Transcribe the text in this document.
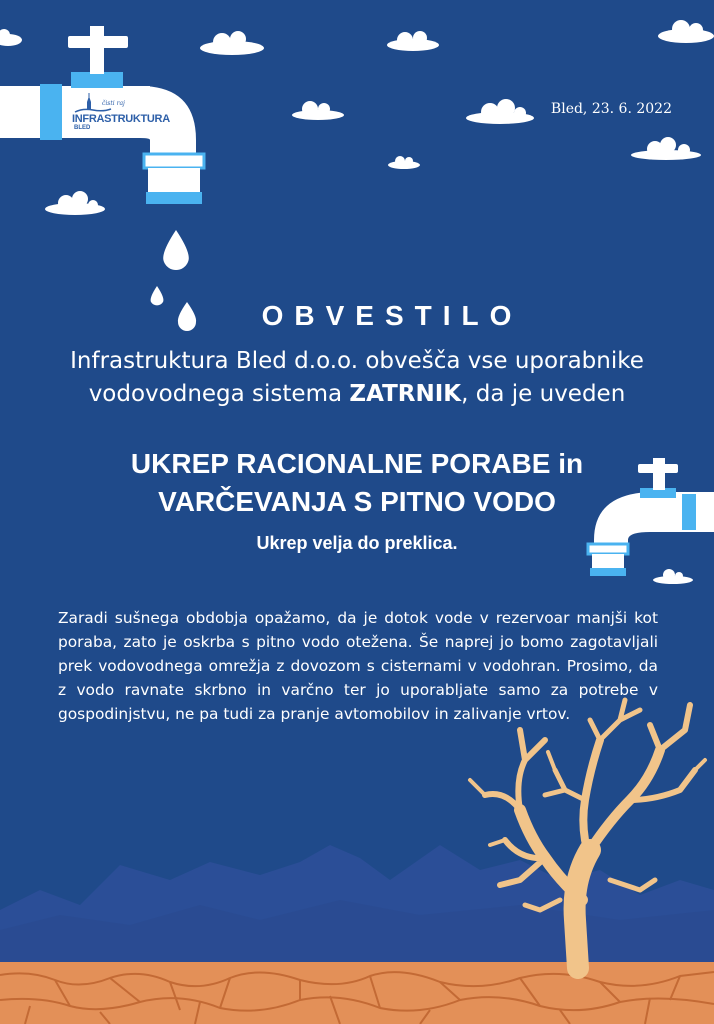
čisti raj
INFRASTRUKTURA
BLED
Bled, 23. 6. 2022
OBVESTILO
Infrastruktura Bled d.o.o. obvešča vse uporabnike
vodovodnega sistema ZATRNIK, da je uveden
UKREP RACIONALNE PORABE in
VARČEVANJA S PITNO VODO
Ukrep velja do preklica.
Zaradi sušnega obdobja opažamo, da je dotok vode v rezervoar manjši kot poraba, zato je oskrba s pitno vodo otežena. Še naprej jo bomo zagotavljali prek vodovodnega omrežja z dovozom s cisternami v vodohran. Prosimo, da z vodo ravnate skrbno in varčno ter jo uporabljate samo za potrebe v gospodinjstvu, ne pa tudi za pranje avtomobilov in zalivanje vrtov.
